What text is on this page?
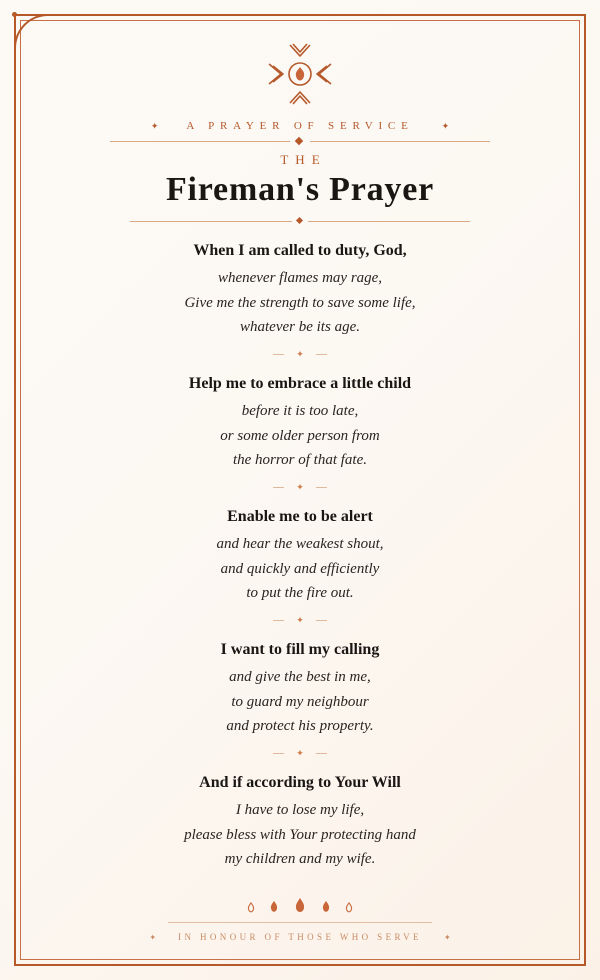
✦	A PRAYER OF SERVICE	✦
THE
Fireman's Prayer
When I am called to duty, God,
whenever flames may rage,
Give me the strength to save some life,
whatever be its age.
✦
Help me to embrace a little child
before it is too late,
or some older person from
the horror of that fate.
✦
Enable me to be alert
and hear the weakest shout,
and quickly and efficiently
to put the fire out.
✦
I want to fill my calling
and give the best in me,
to guard my neighbour
and protect his property.
✦
And if according to Your Will
I have to lose my life,
please bless with Your protecting hand
my children and my wife.
✦ IN HONOUR OF THOSE WHO SERVE	✦
